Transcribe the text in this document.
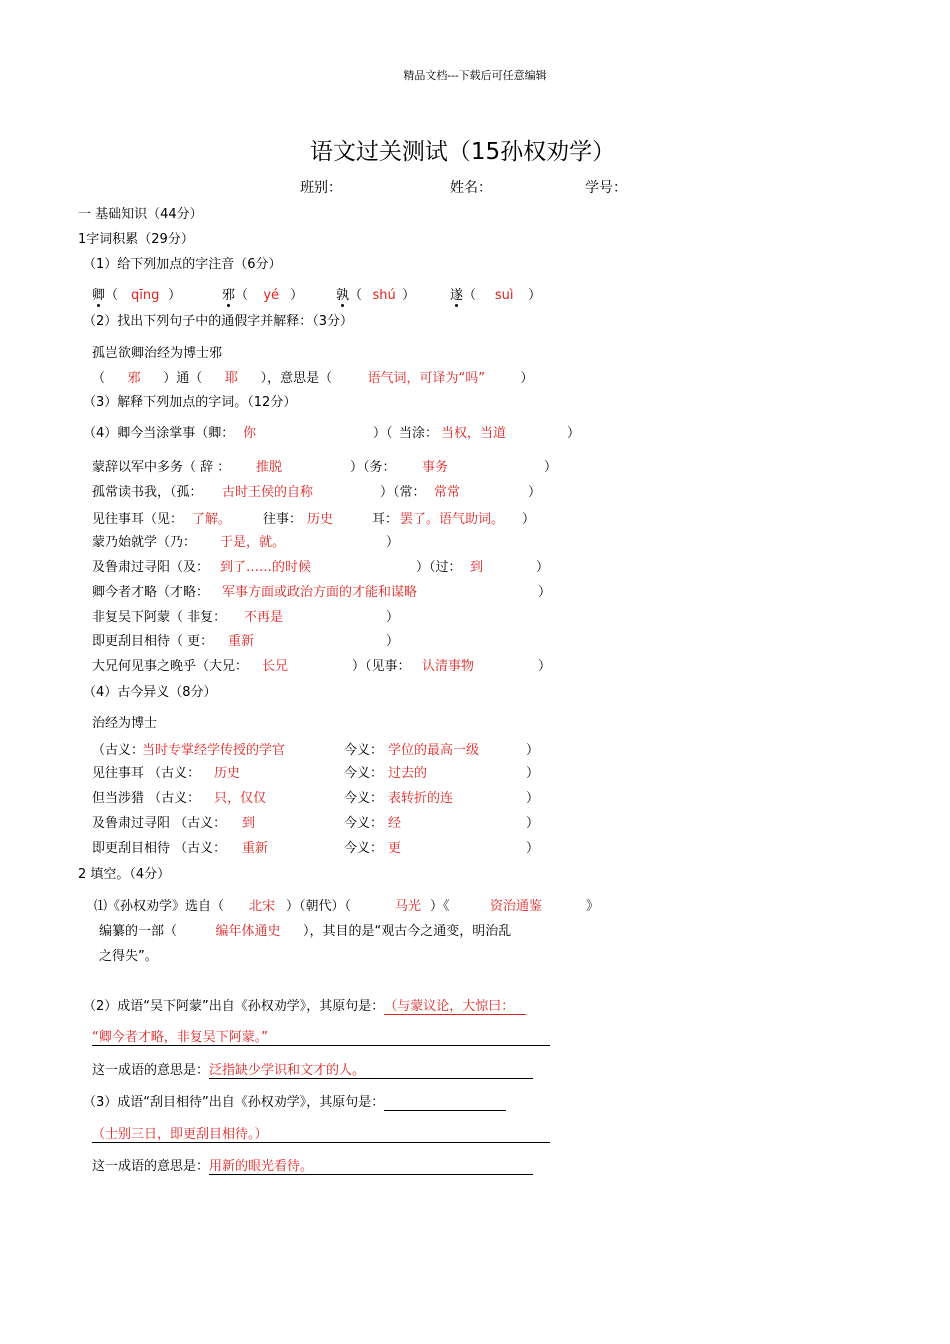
精品文档---下载后可任意编辑
语文过关测试（15孙权劝学）
班别：	姓名：	学号：
一 基础知识（44分）
1字词积累（29分）
（1）给下列加点的字注音（6分）
卿（ qīng ）	邪（ yé ）	孰（ shú ）	遂（ suì ）
（2）找出下列句子中的通假字并解释：（3分）
孤岂欲卿治经为博士邪
（ 邪 ）通（ 耶 ），意思是（	语气词，可译为“吗”	）
（3）解释下列加点的字词。（12分）
（4）卿今当涂掌事（卿： 你	）（ 当涂： 当权，当道	）
蒙辞以军中多务（ 辞 ： 推脱	）（务： 事务	）
孤常读书我，（孤： 古时王侯的自称	）（常： 常常	）
见往事耳（见： 了解。 往事： 历史	耳： 罢了。语气助词。 ）
蒙乃始就学（乃： 于是，就。	）
及鲁肃过寻阳（及： 到了……的时候	）（过： 到	）
卿今者才略（才略： 军事方面或政治方面的才能和谋略	）
非复吴下阿蒙（ 非复： 不再是	）
即更刮目相待（ 更： 重新	）
大兄何见事之晚乎（大兄： 长兄	）（见事： 认清事物	）
（4）古今异义（8分）
治经为博士
（古义：当时专掌经学传授的学官	今义： 学位的最高一级	）
见往事耳 （古义： 历史	今义： 过去的	）
但当涉猎 （古义： 只，仅仅	今义： 表转折的连	）
及鲁肃过寻阳 （古义： 到	今义： 经	）
即更刮目相待 （古义： 重新	今义： 更	）
2 填空。（4分）
⑴《孙权劝学》选自（ 北宋 ）（朝代）（	马光 ）《	资治通鉴	》
编纂的一部（	编年体通史 ），其目的是“观古今之通变，明治乱
之得失”。
（2）成语“吴下阿蒙”出自《孙权劝学》，其原句是：（与蒙议论，大惊曰：
“卿今者才略，非复吴下阿蒙。”
这一成语的意思是：泛指缺少学识和文才的人。
（3）成语“刮目相待”出自《孙权劝学》，其原句是：
（士别三日，即更刮目相待。）
这一成语的意思是：用新的眼光看待。
